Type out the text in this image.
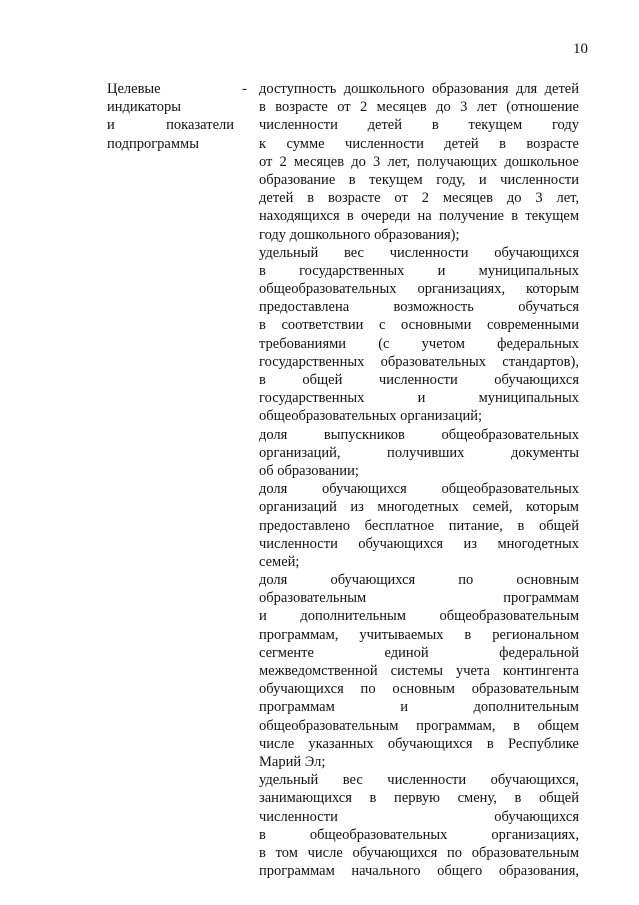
10
Целевые
индикаторы
и	показатели
подпрограммы
- доступность дошкольного образования для детей
в возрасте от 2 месяцев до 3 лет (отношение
численности детей в текущем году
к сумме численности детей в возрасте
от 2 месяцев до 3 лет, получающих дошкольное
образование в текущем году, и численности
детей в возрасте от 2 месяцев до 3 лет,
находящихся в очереди на получение в текущем
году дошкольного образования);
удельный вес численности обучающихся
в государственных и муниципальных
общеобразовательных организациях, которым
предоставлена возможность обучаться
в соответствии с основными современными
требованиями (с учетом федеральных
государственных образовательных стандартов),
в общей численности обучающихся
государственных и муниципальных
общеобразовательных организаций;
доля выпускников общеобразовательных
организаций, получивших документы
об образовании;
доля обучающихся общеобразовательных
организаций из многодетных семей, которым
предоставлено бесплатное питание, в общей
численности обучающихся из многодетных
семей;
доля обучающихся по основным
образовательным программам
и дополнительным общеобразовательным
программам, учитываемых в региональном
сегменте единой федеральной
межведомственной системы учета контингента
обучающихся по основным образовательным
программам и дополнительным
общеобразовательным программам, в общем
числе указанных обучающихся в Республике
Марий Эл;
удельный вес численности обучающихся,
занимающихся в первую смену, в общей
численности обучающихся
в общеобразовательных организациях,
в том числе обучающихся по образовательным
программам начального общего образования,
